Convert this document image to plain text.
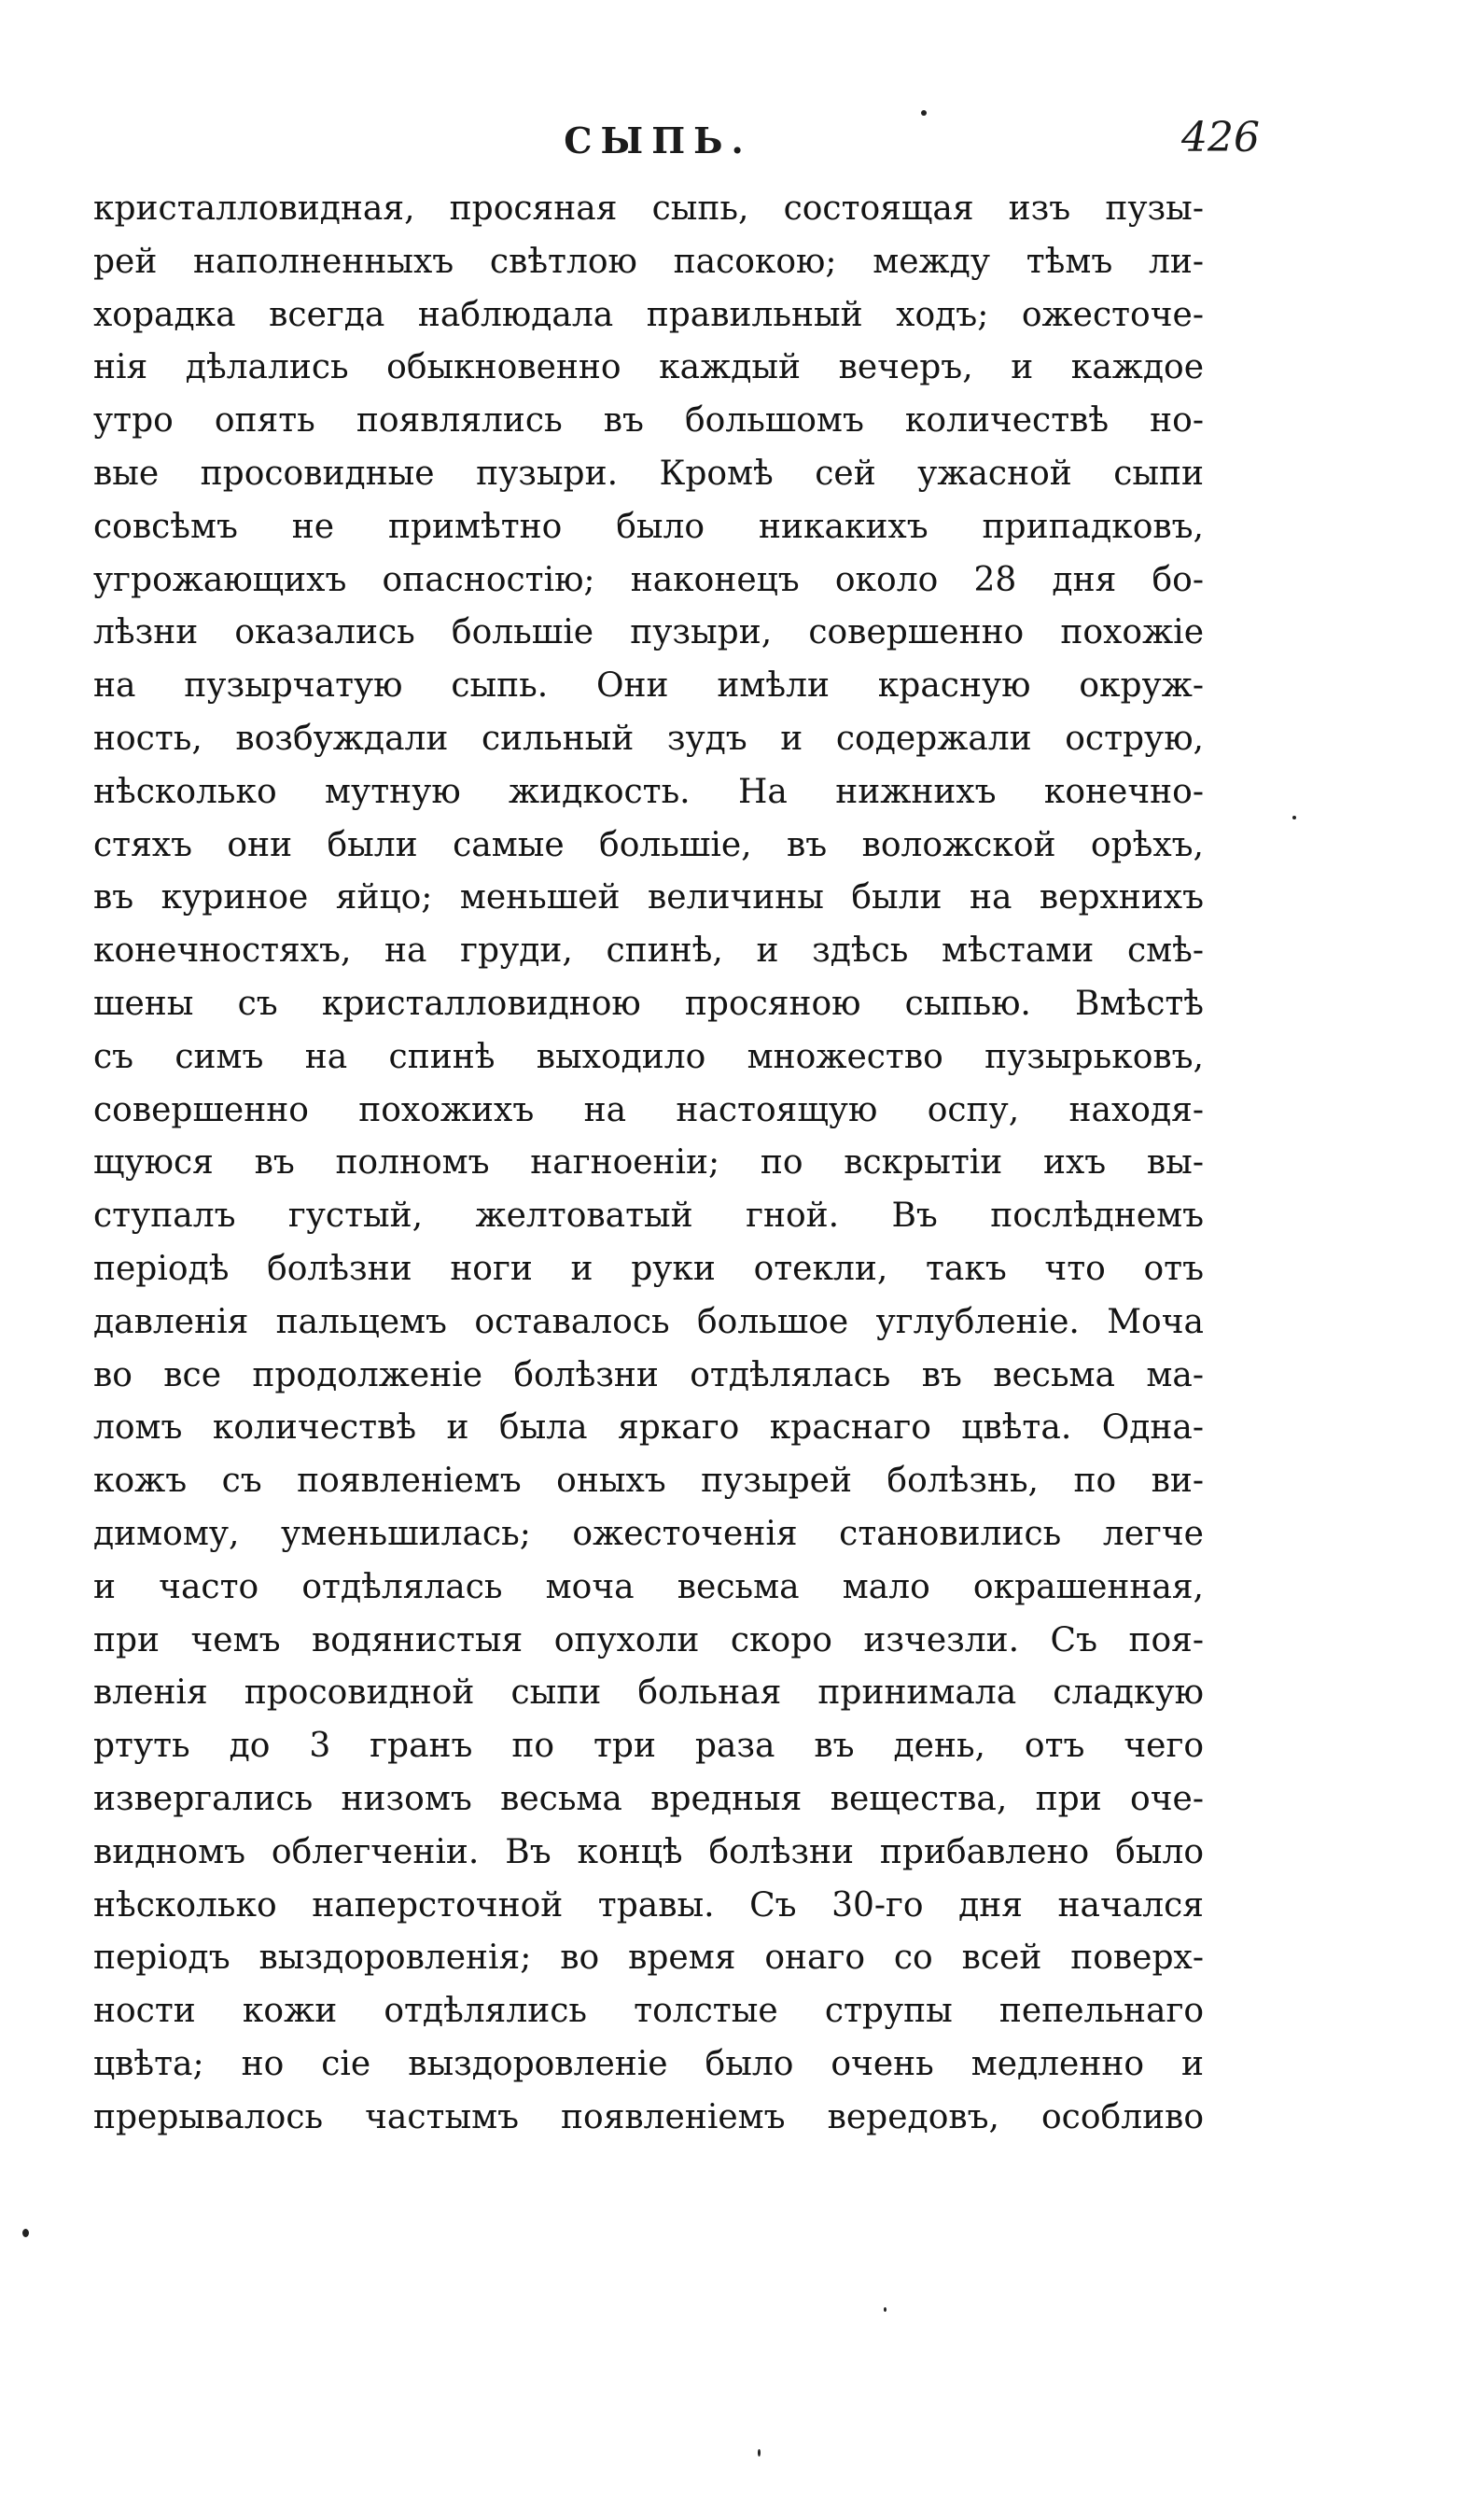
СЫПЬ.	426
кристалловидная, просяная сыпь, состоящая изъ пузы-
рей наполненныхъ свѣтлою пасокою; между тѣмъ ли-
хорадка всегда наблюдала правильный ходъ; ожесточе-
нія дѣлались обыкновенно каждый вечеръ, и каждое
утро опять появлялись въ большомъ количествѣ но-
вые просовидные пузыри. Кромѣ сей ужасной сыпи
совсѣмъ не примѣтно было никакихъ припадковъ,
угрожающихъ опасностію; наконецъ около 28 дня бо-
лѣзни оказались большіе пузыри, совершенно похожіе
на пузырчатую сыпь. Они имѣли красную окруж-
ность, возбуждали сильный зудъ и содержали острую,
нѣсколько мутную жидкость. На нижнихъ конечно-
стяхъ они были самые большіе, въ воложской орѣхъ,
въ куриное яйцо; меньшей величины были на верхнихъ
конечностяхъ, на груди, спинѣ, и здѣсь мѣстами смѣ-
шены съ кристалловидною просяною сыпью. Вмѣстѣ
съ симъ на спинѣ выходило множество пузырьковъ,
совершенно похожихъ на настоящую оспу, находя-
щуюся въ полномъ нагноеніи; по вскрытіи ихъ вы-
ступалъ густый, желтоватый гной. Въ послѣднемъ
періодѣ болѣзни ноги и руки отекли, такъ что отъ
давленія пальцемъ оставалось большое углубленіе. Моча
во все продолженіе болѣзни отдѣлялась въ весьма ма-
ломъ количествѣ и была яркаго краснаго цвѣта. Одна-
кожъ съ появленіемъ оныхъ пузырей болѣзнь, по ви-
димому, уменьшилась; ожесточенія становились легче
и часто отдѣлялась моча весьма мало окрашенная,
при чемъ водянистыя опухоли скоро изчезли. Съ поя-
вленія просовидной сыпи больная принимала сладкую
ртуть до 3 гранъ по три раза въ день, отъ чего
извергались низомъ весьма вредныя вещества, при оче-
видномъ облегченіи. Въ концѣ болѣзни прибавлено было
нѣсколько наперсточной травы. Съ 30-го дня начался
періодъ выздоровленія; во время онаго со всей поверх-
ности кожи отдѣлялись толстые струпы пепельнаго
цвѣта; но сіе выздоровленіе было очень медленно и
прерывалось частымъ появленіемъ вередовъ, особливо
